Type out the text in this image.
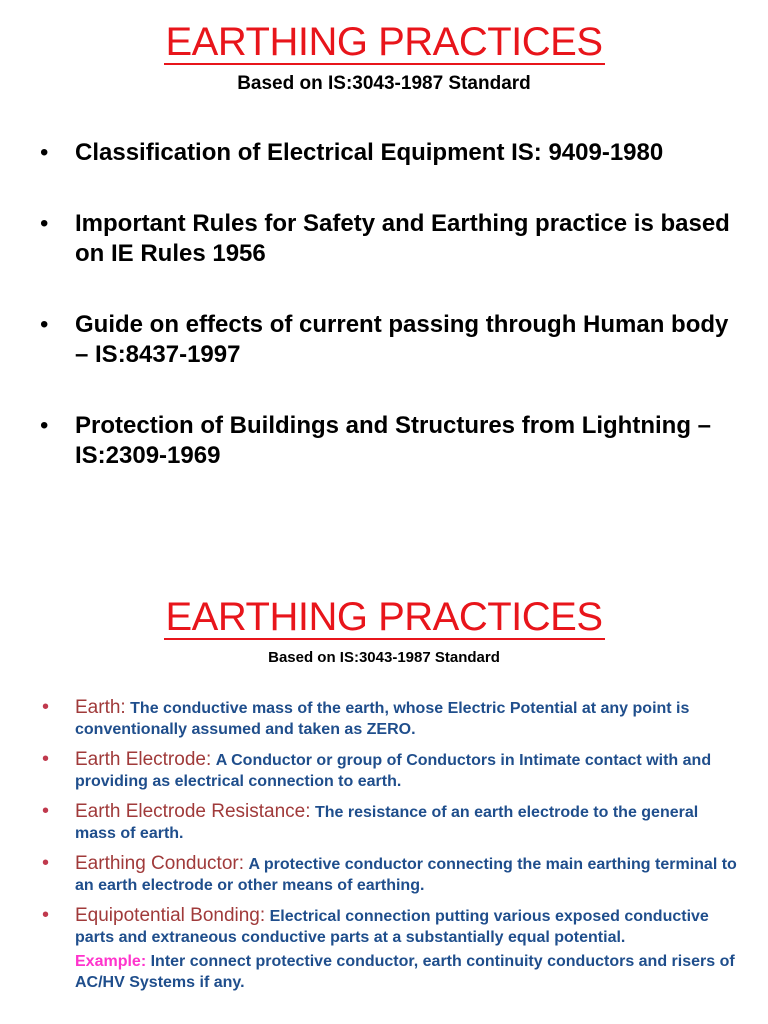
EARTHING PRACTICES
Based on IS:3043-1987 Standard
• Classification of Electrical Equipment IS: 9409-1980
• Important Rules for Safety and Earthing practice is based on IE Rules 1956
• Guide on effects of current passing through Human body – IS:8437-1997
• Protection of Buildings and Structures from Lightning – IS:2309-1969
EARTHING PRACTICES
Based on IS:3043-1987 Standard
• Earth: The conductive mass of the earth, whose Electric Potential at any point is conventionally assumed and taken as ZERO.
• Earth Electrode: A Conductor or group of Conductors in Intimate contact with and providing as electrical connection to earth.
• Earth Electrode Resistance: The resistance of an earth electrode to the general mass of earth.
• Earthing Conductor: A protective conductor connecting the main earthing terminal to an earth electrode or other means of earthing.
• Equipotential Bonding: Electrical connection putting various exposed conductive parts and extraneous conductive parts at a substantially equal potential.
Example: Inter connect protective conductor, earth continuity conductors and risers of AC/HV Systems if any.
